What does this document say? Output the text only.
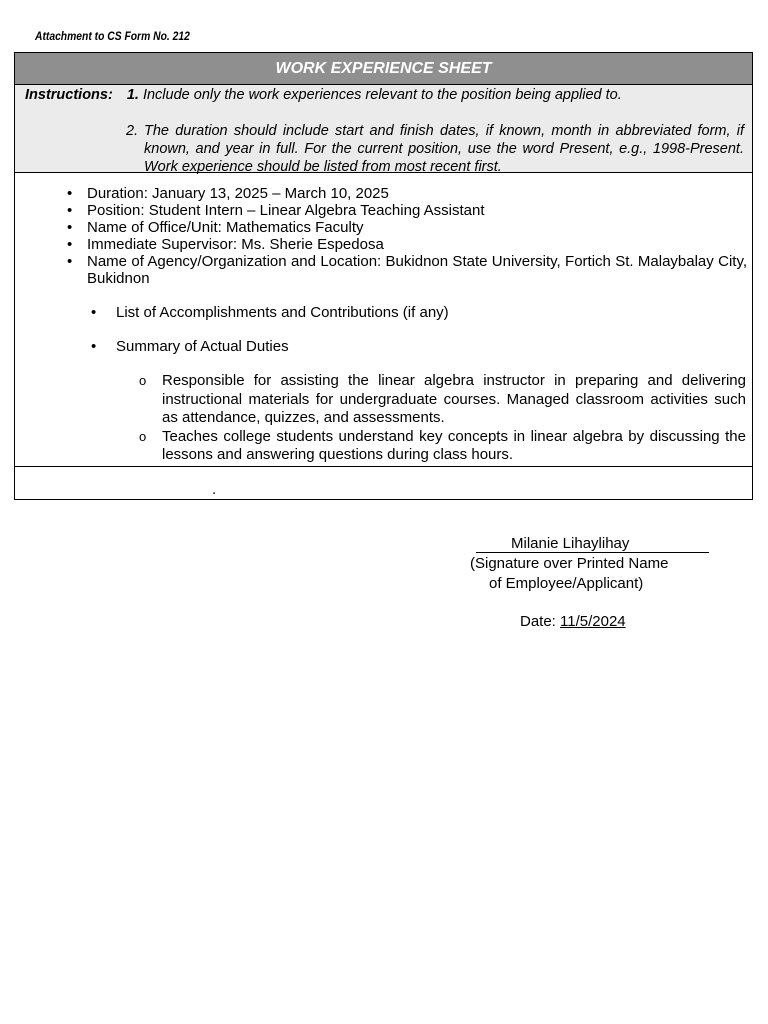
Attachment to CS Form No. 212
WORK EXPERIENCE SHEET
Instructions: 1. Include only the work experiences relevant to the position being applied to.
2. The duration should include start and finish dates, if known, month in abbreviated form, if known, and year in full. For the current position, use the word Present, e.g., 1998-Present. Work experience should be listed from most recent first.
• Duration: January 13, 2025 – March 10, 2025
• Position: Student Intern – Linear Algebra Teaching Assistant
• Name of Office/Unit: Mathematics Faculty
• Immediate Supervisor: Ms. Sherie Espedosa
• Name of Agency/Organization and Location: Bukidnon State University, Fortich St. Malaybalay City, Bukidnon
• List of Accomplishments and Contributions (if any)
• Summary of Actual Duties
o Responsible for assisting the linear algebra instructor in preparing and delivering instructional materials for undergraduate courses. Managed classroom activities such as attendance, quizzes, and assessments.
o Teaches college students understand key concepts in linear algebra by discussing the lessons and answering questions during class hours.
.
Milanie Lihaylihay
(Signature over Printed Name
of Employee/Applicant)
Date: 11/5/2024
